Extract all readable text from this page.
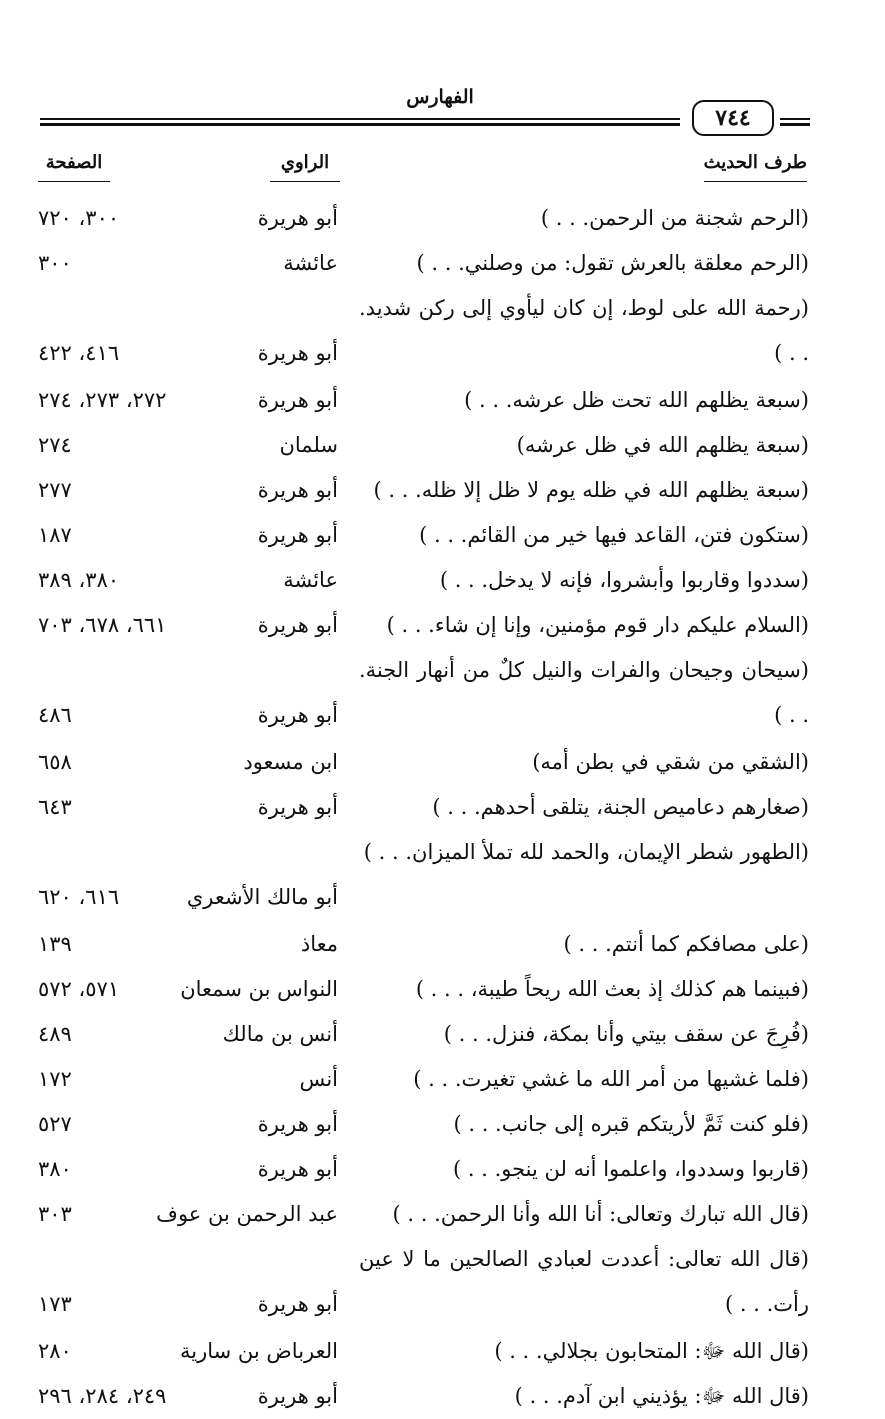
الفهارس
٧٤٤
طرف الحديث
الراوي
الصفحة
(الرحم شجنة من الرحمن. . . )
أبو هريرة
٣٠٠، ٧٢٠
(الرحم معلقة بالعرش تقول: من وصلني. . . )
عائشة
٣٠٠
(رحمة الله على لوط، إن كان ليأوي إلى ركن شديد. . . )
أبو هريرة
٤١٦، ٤٢٢
(سبعة يظلهم الله تحت ظل عرشه. . . )
أبو هريرة
٢٧٢، ٢٧٣، ٢٧٤
(سبعة يظلهم الله في ظل عرشه)
سلمان
٢٧٤
(سبعة يظلهم الله في ظله يوم لا ظل إلا ظله. . . )
أبو هريرة
٢٧٧
(ستكون فتن، القاعد فيها خير من القائم. . . )
أبو هريرة
١٨٧
(سددوا وقاربوا وأبشروا، فإنه لا يدخل. . . )
عائشة
٣٨٠، ٣٨٩
(السلام عليكم دار قوم مؤمنين، وإنا إن شاء. . . )
أبو هريرة
٦٦١، ٦٧٨، ٧٠٣
(سيحان وجيحان والفرات والنيل كلٌ من أنهار الجنة. . . )
أبو هريرة
٤٨٦
(الشقي من شقي في بطن أمه)
ابن مسعود
٦٥٨
(صغارهم دعاميص الجنة، يتلقى أحدهم. . . )
أبو هريرة
٦٤٣
(الطهور شطر الإيمان، والحمد لله تملأ الميزان. . . )
أبو مالك الأشعري
٦١٦، ٦٢٠
(على مصافكم كما أنتم. . . )
معاذ
١٣٩
(فبينما هم كذلك إذ بعث الله ريحاً طيبة، . . . )
النواس بن سمعان
٥٧١، ٥٧٢
(فُرِجَ عن سقف بيتي وأنا بمكة، فنزل. . . )
أنس بن مالك
٤٨٩
(فلما غشيها من أمر الله ما غشي تغيرت. . . )
أنس
١٧٢
(فلو كنت ثَمَّ لأريتكم قبره إلى جانب. . . )
أبو هريرة
٥٢٧
(قاربوا وسددوا، واعلموا أنه لن ينجو. . . )
أبو هريرة
٣٨٠
(قال الله تبارك وتعالى: أنا الله وأنا الرحمن. . . )
عبد الرحمن بن عوف
٣٠٣
(قال الله تعالى: أعددت لعبادي الصالحين ما لا عين رأت. . . )
أبو هريرة
١٧٣
(قال الله ﷻ: المتحابون بجلالي. . . )
العرباض بن سارية
٢٨٠
(قال الله ﷻ: يؤذيني ابن آدم. . . )
أبو هريرة
٢٤٩، ٢٨٤، ٢٩٦
